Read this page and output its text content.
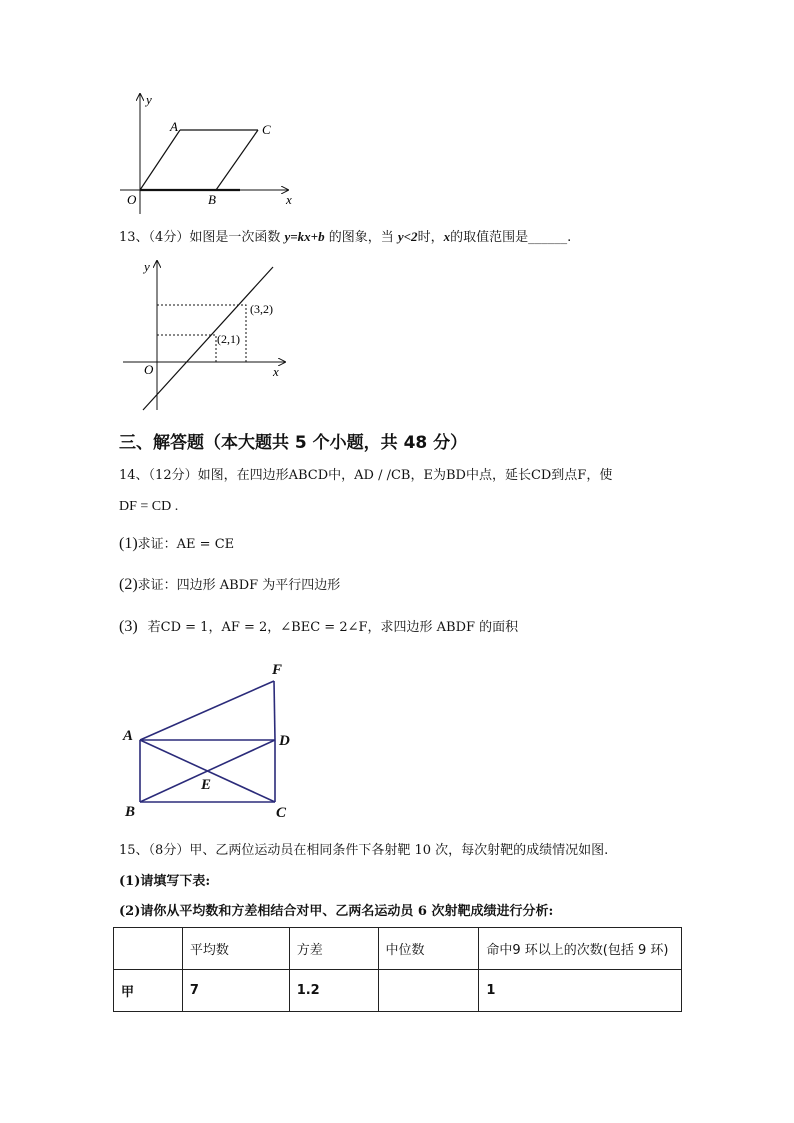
y
x
O
A
B
C
13、（4分）如图是一次函数 y=kx+b 的图象，当 y<2时，x的取值范围是______.
y
x
O
(2,1)
(3,2)
三、解答题（本大题共 5 个小题，共 48 分）
14、（12分）如图，在四边形ABCD中，AD / /CB，E为BD中点，延长CD到点F，使
DF = CD .
(1)求证：AE = CE
(2)求证：四边形 ABDF 为平行四边形
(3) 若CD = 1，AF = 2，∠BEC = 2∠F，求四边形 ABDF 的面积
F
A	D
E
B	C
15、（8分）甲、乙两位运动员在相同条件下各射靶 10 次，每次射靶的成绩情况如图.
(1)请填写下表:
(2)请你从平均数和方差相结合对甲、乙两名运动员 6 次射靶成绩进行分析:
	平均数	方差	中位数	命中9 环以上的次数(包括 9 环)
甲	7	1.2		1
